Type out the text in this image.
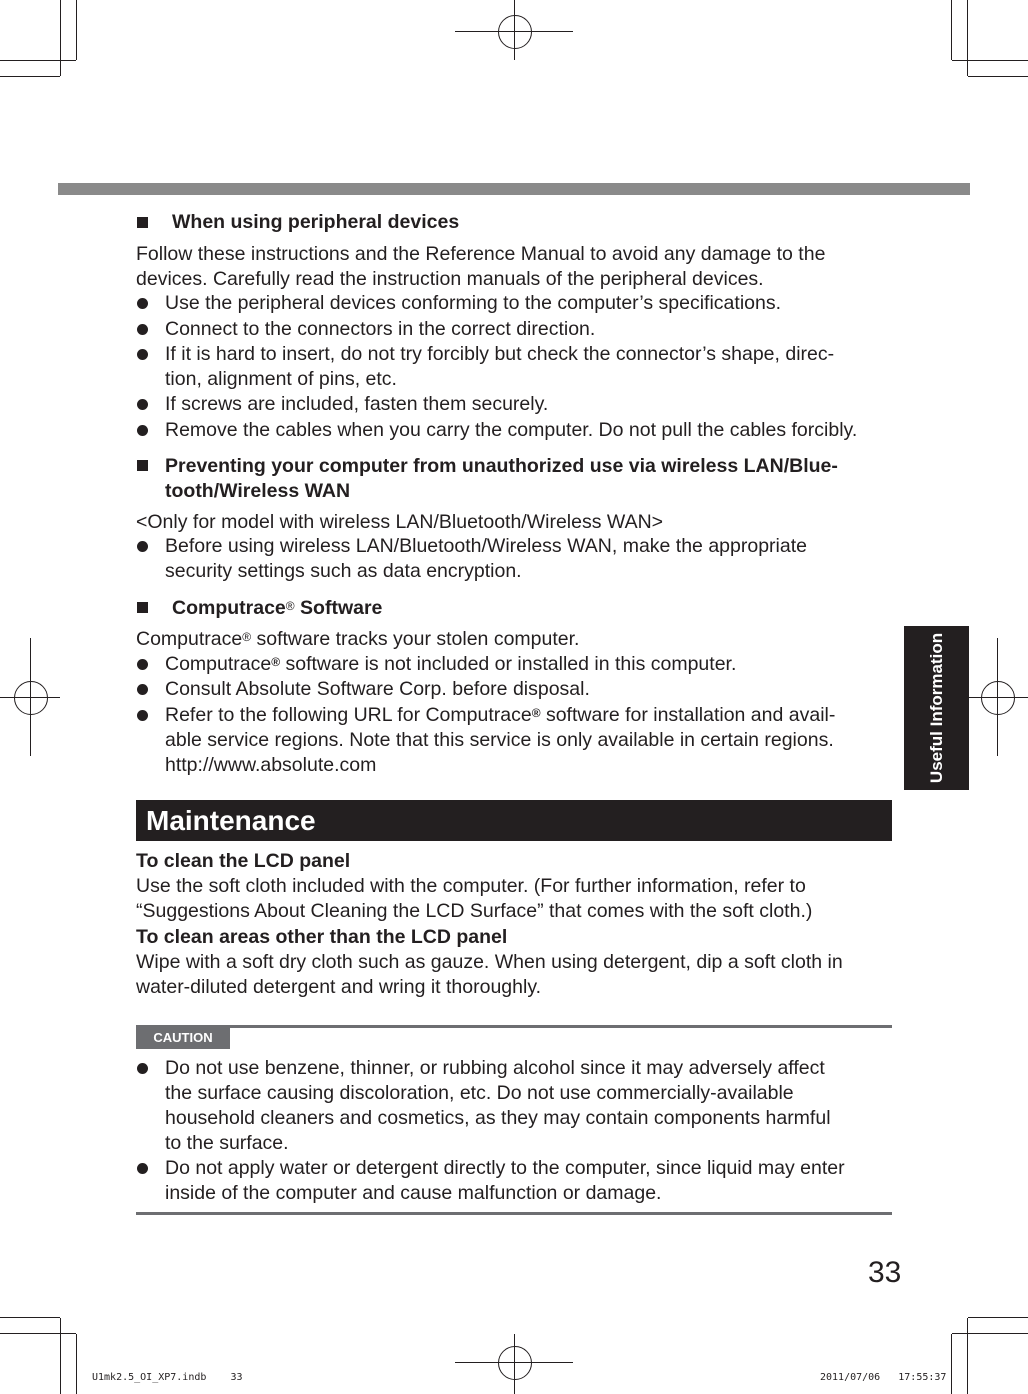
Useful Information
When using peripheral devices
Follow these instructions and the Reference Manual to avoid any damage to the
devices. Carefully read the instruction manuals of the peripheral devices.
Use the peripheral devices conforming to the computer’s specifications.
Connect to the connectors in the correct direction.
If it is hard to insert, do not try forcibly but check the connector’s shape, direc-
tion, alignment of pins, etc.
If screws are included, fasten them securely.
Remove the cables when you carry the computer. Do not pull the cables forcibly.
Preventing your computer from unauthorized use via wireless LAN/Blue-
tooth/Wireless WAN
<Only for model with wireless LAN/Bluetooth/Wireless WAN>
Before using wireless LAN/Bluetooth/Wireless WAN, make the appropriate
security settings such as data encryption.
Computrace® Software
Computrace® software tracks your stolen computer.
Computrace® software is not included or installed in this computer.
Consult Absolute Software Corp. before disposal.
Refer to the following URL for Computrace® software for installation and avail-
able service regions. Note that this service is only available in certain regions.
http://www.absolute.com
Maintenance
To clean the LCD panel
Use the soft cloth included with the computer. (For further information, refer to
“Suggestions About Cleaning the LCD Surface” that comes with the soft cloth.)
To clean areas other than the LCD panel
Wipe with a soft dry cloth such as gauze. When using detergent, dip a soft cloth in
water-diluted detergent and wring it thoroughly.
CAUTION
Do not use benzene, thinner, or rubbing alcohol since it may adversely affect
the surface causing discoloration, etc. Do not use commercially-available
household cleaners and cosmetics, as they may contain components harmful
to the surface.
Do not apply water or detergent directly to the computer, since liquid may enter
inside of the computer and cause malfunction or damage.
33
U1mk2.5_OI_XP7.indb    33	2011/07/06   17:55:37
